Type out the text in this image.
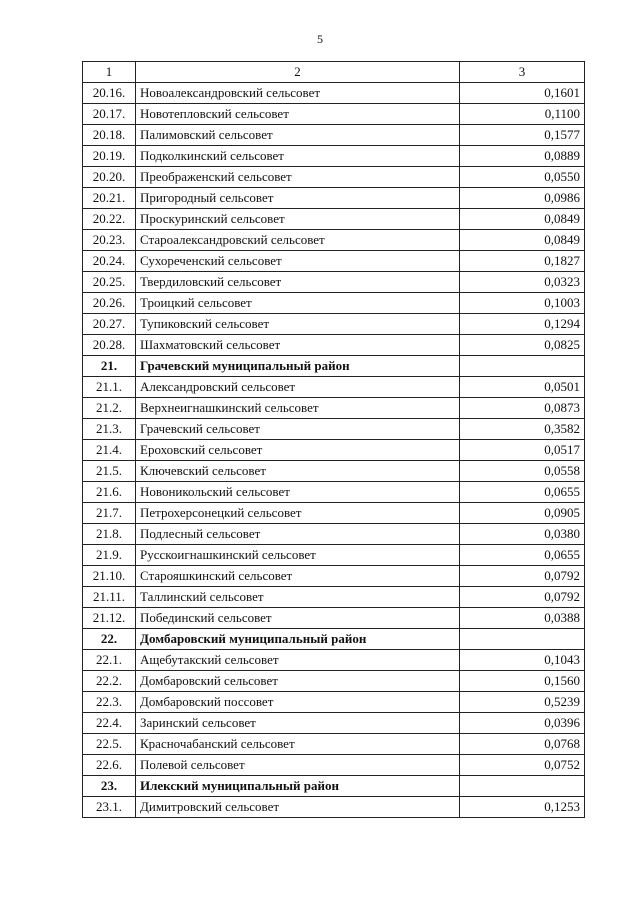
5
1	2	3
20.16.	Новоалександровский сельсовет	0,1601
20.17.	Новотепловский сельсовет	0,1100
20.18.	Палимовский сельсовет	0,1577
20.19.	Подколкинский сельсовет	0,0889
20.20.	Преображенский сельсовет	0,0550
20.21.	Пригородный сельсовет	0,0986
20.22.	Проскуринский сельсовет	0,0849
20.23.	Староалександровский сельсовет	0,0849
20.24.	Сухореченский сельсовет	0,1827
20.25.	Твердиловский сельсовет	0,0323
20.26.	Троицкий сельсовет	0,1003
20.27.	Тупиковский сельсовет	0,1294
20.28.	Шахматовский сельсовет	0,0825
21.	Грачевский муниципальный район	
21.1.	Александровский сельсовет	0,0501
21.2.	Верхнеигнашкинский сельсовет	0,0873
21.3.	Грачевский сельсовет	0,3582
21.4.	Ероховский сельсовет	0,0517
21.5.	Ключевский сельсовет	0,0558
21.6.	Новоникольский сельсовет	0,0655
21.7.	Петрохерсонецкий сельсовет	0,0905
21.8.	Подлесный сельсовет	0,0380
21.9.	Русскоигнашкинский сельсовет	0,0655
21.10.	Старояшкинский сельсовет	0,0792
21.11.	Таллинский сельсовет	0,0792
21.12.	Побединский сельсовет	0,0388
22.	Домбаровский муниципальный район	
22.1.	Ащебутакский сельсовет	0,1043
22.2.	Домбаровский сельсовет	0,1560
22.3.	Домбаровский поссовет	0,5239
22.4.	Заринский сельсовет	0,0396
22.5.	Красночабанский сельсовет	0,0768
22.6.	Полевой сельсовет	0,0752
23.	Илекский муниципальный район	
23.1.	Димитровский сельсовет	0,1253
